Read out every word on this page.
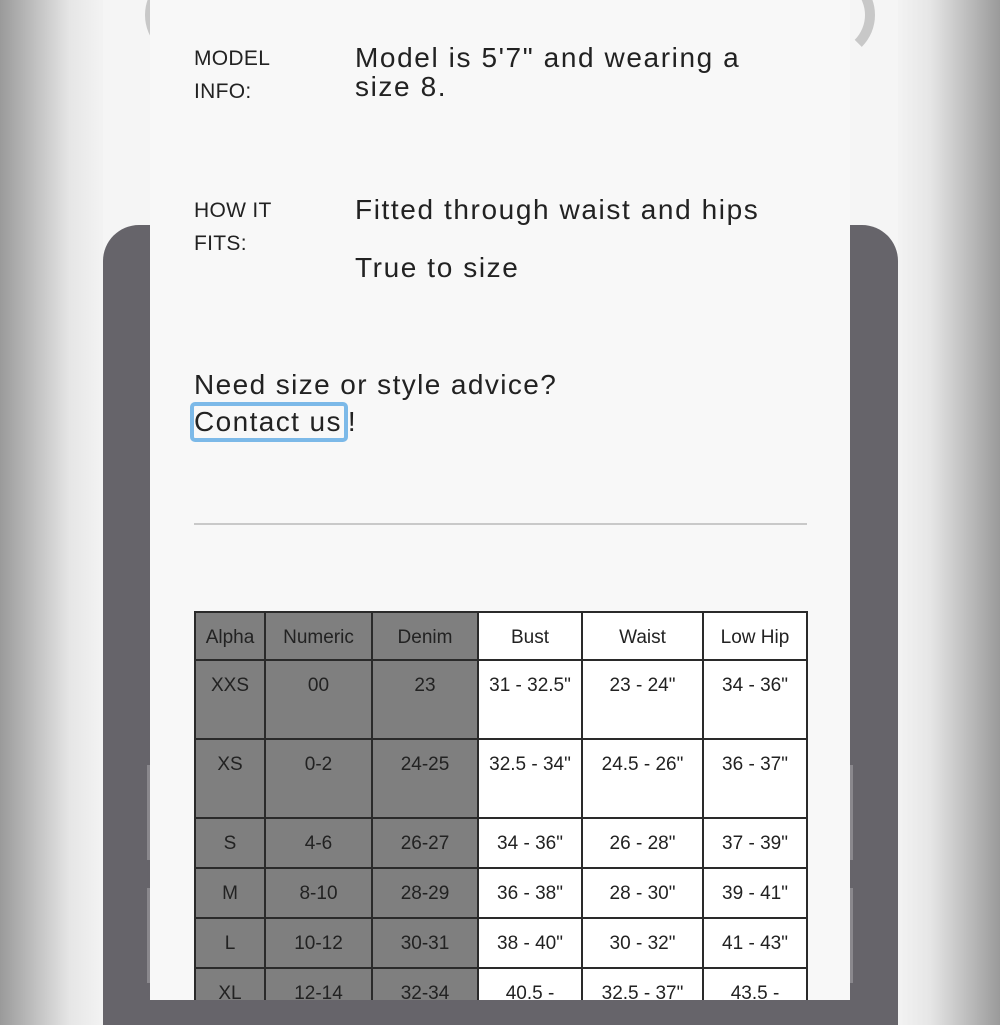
MODEL
INFO:
Model is 5'7" and wearing a
size 8.
HOW IT
FITS:
Fitted through waist and hips
True to size
Need size or style advice?
Contact us !
Alpha	Numeric	Denim	Bust	Waist	Low Hip
XXS	00	23	31 - 32.5"	23 - 24"	34 - 36"
XS	0-2	24-25	32.5 - 34"	24.5 - 26"	36 - 37"
S	4-6	26-27	34 - 36"	26 - 28"	37 - 39"
M	8-10	28-29	36 - 38"	28 - 30"	39 - 41"
L	10-12	30-31	38 - 40"	30 - 32"	41 - 43"
XL	12-14	32-34	40.5 -	32.5 - 37"	43.5 -
